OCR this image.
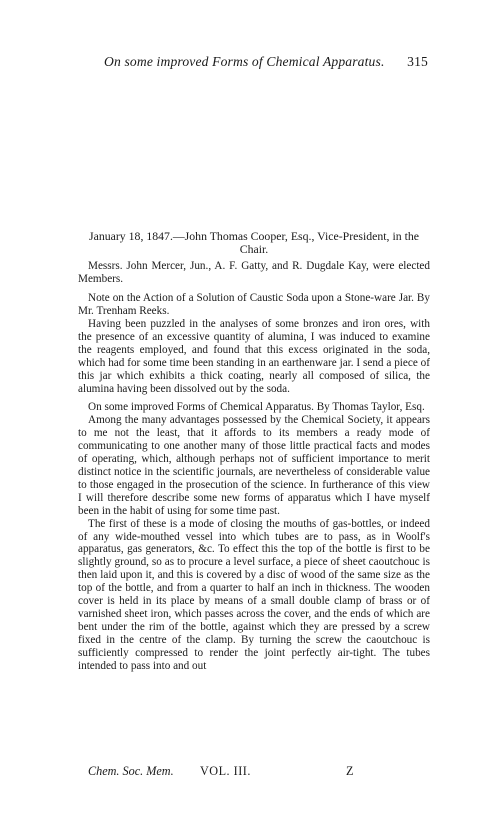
On some improved Forms of Chemical Apparatus. 315

January 18, 1847.—John Thomas Cooper, Esq., Vice-President, in the Chair.

Messrs. John Mercer, Jun., A. F. Gatty, and R. Dugdale Kay, were elected Members.

Note on the Action of a Solution of Caustic Soda upon a Stone-ware Jar. By Mr. Trenham Reeks.

Having been puzzled in the analyses of some bronzes and iron ores, with the presence of an excessive quantity of alumina, I was induced to examine the reagents employed, and found that this excess originated in the soda, which had for some time been standing in an earthenware jar. I send a piece of this jar which exhibits a thick coating, nearly all composed of silica, the alumina having been dissolved out by the soda.

On some improved Forms of Chemical Apparatus. By Thomas Taylor, Esq.

Among the many advantages possessed by the Chemical Society, it appears to me not the least, that it affords to its members a ready mode of communicating to one another many of those little practical facts and modes of operating, which, although perhaps not of sufficient importance to merit distinct notice in the scientific journals, are nevertheless of considerable value to those engaged in the prosecution of the science. In furtherance of this view I will therefore describe some new forms of apparatus which I have myself been in the habit of using for some time past.

The first of these is a mode of closing the mouths of gas-bottles, or indeed of any wide-mouthed vessel into which tubes are to pass, as in Woolf's apparatus, gas generators, &c. To effect this the top of the bottle is first to be slightly ground, so as to procure a level surface, a piece of sheet caoutchouc is then laid upon it, and this is covered by a disc of wood of the same size as the top of the bottle, and from a quarter to half an inch in thickness. The wooden cover is held in its place by means of a small double clamp of brass or of varnished sheet iron, which passes across the cover, and the ends of which are bent under the rim of the bottle, against which they are pressed by a screw fixed in the centre of the clamp. By turning the screw the caoutchouc is sufficiently compressed to render the joint perfectly air-tight. The tubes intended to pass into and out

Chem. Soc. Mem. VOL. III.	Z
